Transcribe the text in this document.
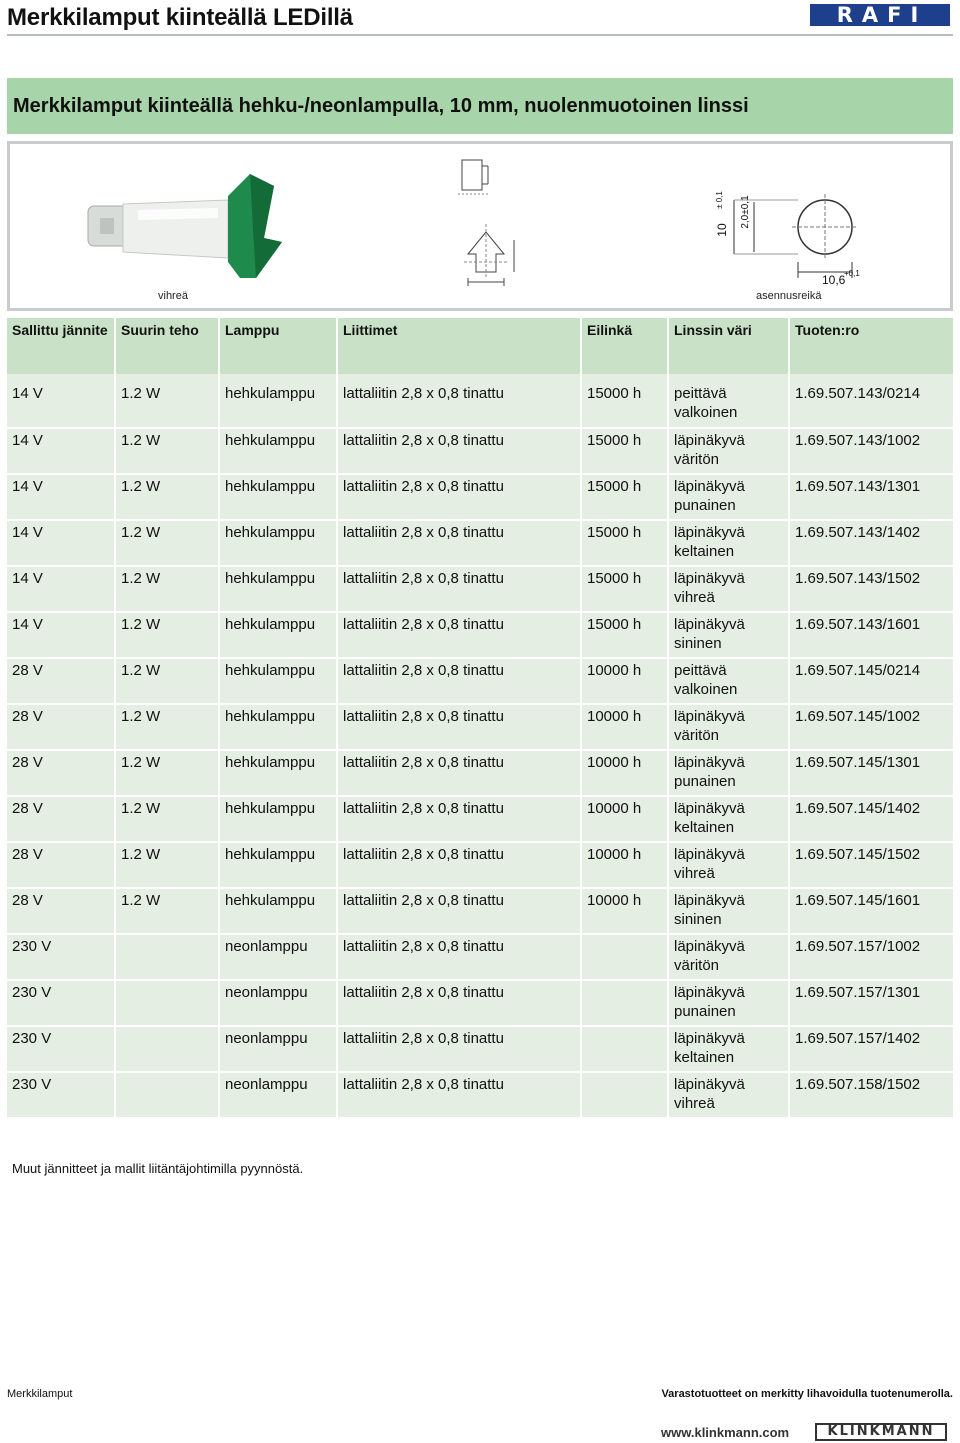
Merkkilamput kiinteällä LEDillä	RAFI
Merkkilamput kiinteällä hehku-/neonlampulla, 10 mm, nuolenmuotoinen linssi
10
± 0,1 2,0±0,1
10,6
+0,1
vihreä	asennusreikä
Sallittu jännite	Suurin teho	Lamppu	Liittimet	Eilinkä	Linssin väri	Tuoten:ro

14 V	1.2 W	hehkulamppu	lattaliitin 2,8 x 0,8 tinattu	15000 h	peittävä valkoinen	1.69.507.143/0214
14 V	1.2 W	hehkulamppu	lattaliitin 2,8 x 0,8 tinattu	15000 h	läpinäkyvä väritön	1.69.507.143/1002
14 V	1.2 W	hehkulamppu	lattaliitin 2,8 x 0,8 tinattu	15000 h	läpinäkyvä punainen	1.69.507.143/1301
14 V	1.2 W	hehkulamppu	lattaliitin 2,8 x 0,8 tinattu	15000 h	läpinäkyvä keltainen	1.69.507.143/1402
14 V	1.2 W	hehkulamppu	lattaliitin 2,8 x 0,8 tinattu	15000 h	läpinäkyvä vihreä	1.69.507.143/1502
14 V	1.2 W	hehkulamppu	lattaliitin 2,8 x 0,8 tinattu	15000 h	läpinäkyvä sininen	1.69.507.143/1601
28 V	1.2 W	hehkulamppu	lattaliitin 2,8 x 0,8 tinattu	10000 h	peittävä valkoinen	1.69.507.145/0214
28 V	1.2 W	hehkulamppu	lattaliitin 2,8 x 0,8 tinattu	10000 h	läpinäkyvä väritön	1.69.507.145/1002
28 V	1.2 W	hehkulamppu	lattaliitin 2,8 x 0,8 tinattu	10000 h	läpinäkyvä punainen	1.69.507.145/1301
28 V	1.2 W	hehkulamppu	lattaliitin 2,8 x 0,8 tinattu	10000 h	läpinäkyvä keltainen	1.69.507.145/1402
28 V	1.2 W	hehkulamppu	lattaliitin 2,8 x 0,8 tinattu	10000 h	läpinäkyvä vihreä	1.69.507.145/1502
28 V	1.2 W	hehkulamppu	lattaliitin 2,8 x 0,8 tinattu	10000 h	läpinäkyvä sininen	1.69.507.145/1601
230 V		neonlamppu	lattaliitin 2,8 x 0,8 tinattu		läpinäkyvä väritön	1.69.507.157/1002
230 V		neonlamppu	lattaliitin 2,8 x 0,8 tinattu		läpinäkyvä punainen	1.69.507.157/1301
230 V		neonlamppu	lattaliitin 2,8 x 0,8 tinattu		läpinäkyvä keltainen	1.69.507.157/1402
230 V		neonlamppu	lattaliitin 2,8 x 0,8 tinattu		läpinäkyvä vihreä	1.69.507.158/1502
Muut jännitteet ja mallit liitäntäjohtimilla pyynnöstä.
Merkkilamput	Varastotuotteet on merkitty lihavoidulla tuotenumerolla.
www.klinkmann.com	KLINKMANN
